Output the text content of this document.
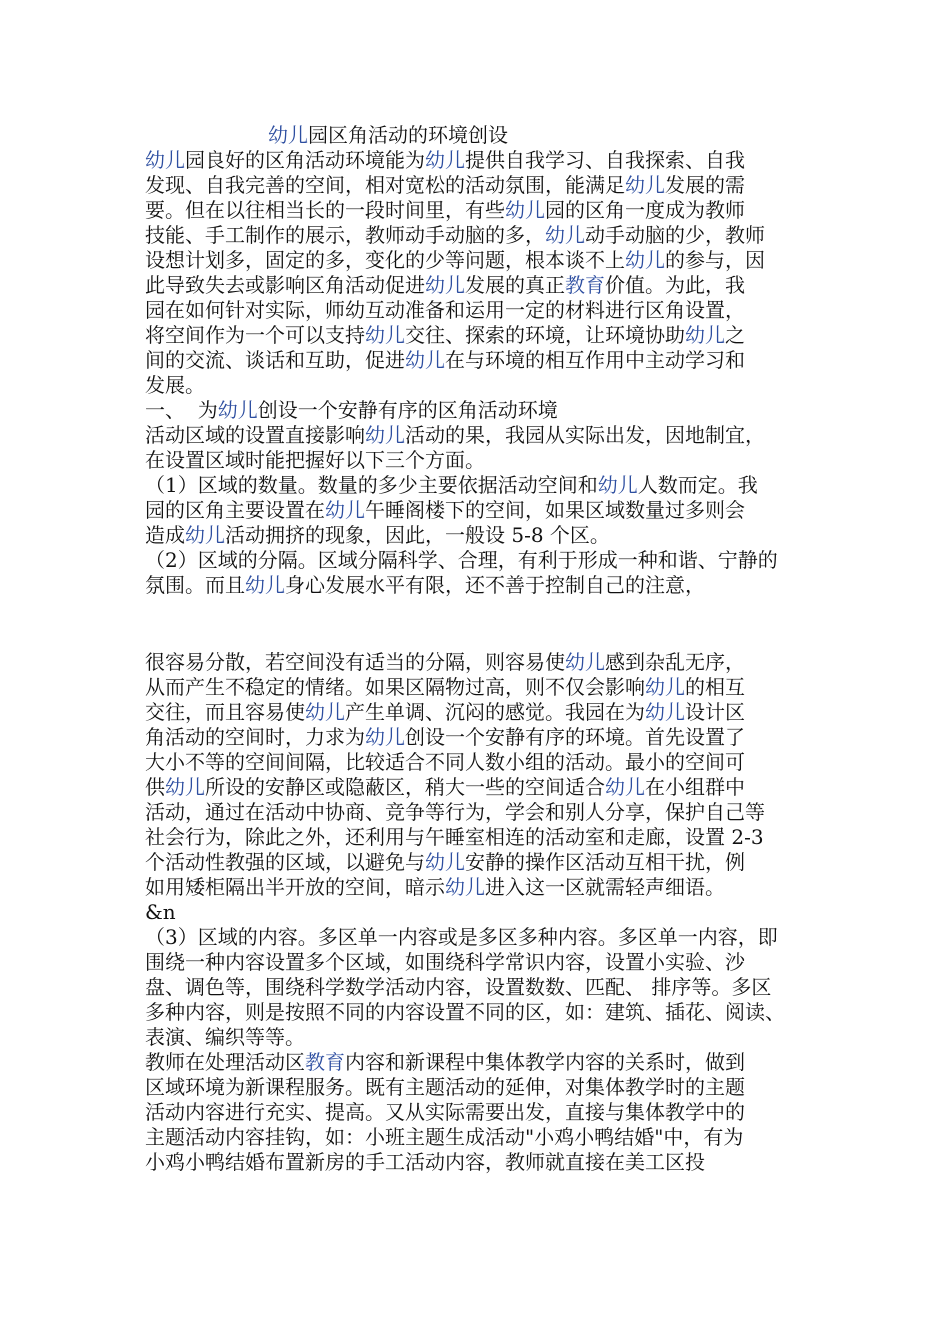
幼儿园区角活动的环境创设
幼儿园良好的区角活动环境能为幼儿提供自我学习、自我探索、自我
发现、自我完善的空间，相对宽松的活动氛围，能满足幼儿发展的需
要。但在以往相当长的一段时间里，有些幼儿园的区角一度成为教师
技能、手工制作的展示，教师动手动脑的多，幼儿动手动脑的少，教师
设想计划多，固定的多，变化的少等问题，根本谈不上幼儿的参与，因
此导致失去或影响区角活动促进幼儿发展的真正教育价值。为此，我
园在如何针对实际，师幼互动准备和运用一定的材料进行区角设置，
将空间作为一个可以支持幼儿交往、探索的环境，让环境协助幼儿之
间的交流、谈话和互助，促进幼儿在与环境的相互作用中主动学习和
发展。
一、  为幼儿创设一个安静有序的区角活动环境
活动区域的设置直接影响幼儿活动的果，我园从实际出发，因地制宜，
在设置区域时能把握好以下三个方面。
（1）区域的数量。数量的多少主要依据活动空间和幼儿人数而定。我
园的区角主要设置在幼儿午睡阁楼下的空间，如果区域数量过多则会
造成幼儿活动拥挤的现象，因此，一般设 5-8 个区。
（2）区域的分隔。区域分隔科学、合理，有利于形成一种和谐、宁静的
氛围。而且幼儿身心发展水平有限，还不善于控制自己的注意，
很容易分散，若空间没有适当的分隔，则容易使幼儿感到杂乱无序，
从而产生不稳定的情绪。如果区隔物过高，则不仅会影响幼儿的相互
交往，而且容易使幼儿产生单调、沉闷的感觉。我园在为幼儿设计区
角活动的空间时，力求为幼儿创设一个安静有序的环境。首先设置了
大小不等的空间间隔，比较适合不同人数小组的活动。最小的空间可
供幼儿所设的安静区或隐蔽区，稍大一些的空间适合幼儿在小组群中
活动，通过在活动中协商、竞争等行为，学会和别人分享，保护自己等
社会行为，除此之外，还利用与午睡室相连的活动室和走廊，设置 2-3
个活动性教强的区域，以避免与幼儿安静的操作区活动互相干扰，例
如用矮柜隔出半开放的空间，暗示幼儿进入这一区就需轻声细语。
&n
（3）区域的内容。多区单一内容或是多区多种内容。多区单一内容，即
围绕一种内容设置多个区域，如围绕科学常识内容，设置小实验、沙
盘、调色等，围绕科学数学活动内容，设置数数、匹配、 排序等。多区
多种内容，则是按照不同的内容设置不同的区，如：建筑、插花、阅读、
表演、编织等等。
教师在处理活动区教育内容和新课程中集体教学内容的关系时，做到
区域环境为新课程服务。既有主题活动的延伸，对集体教学时的主题
活动内容进行充实、提高。又从实际需要出发，直接与集体教学中的
主题活动内容挂钩，如：小班主题生成活动"小鸡小鸭结婚"中，有为
小鸡小鸭结婚布置新房的手工活动内容，教师就直接在美工区投
